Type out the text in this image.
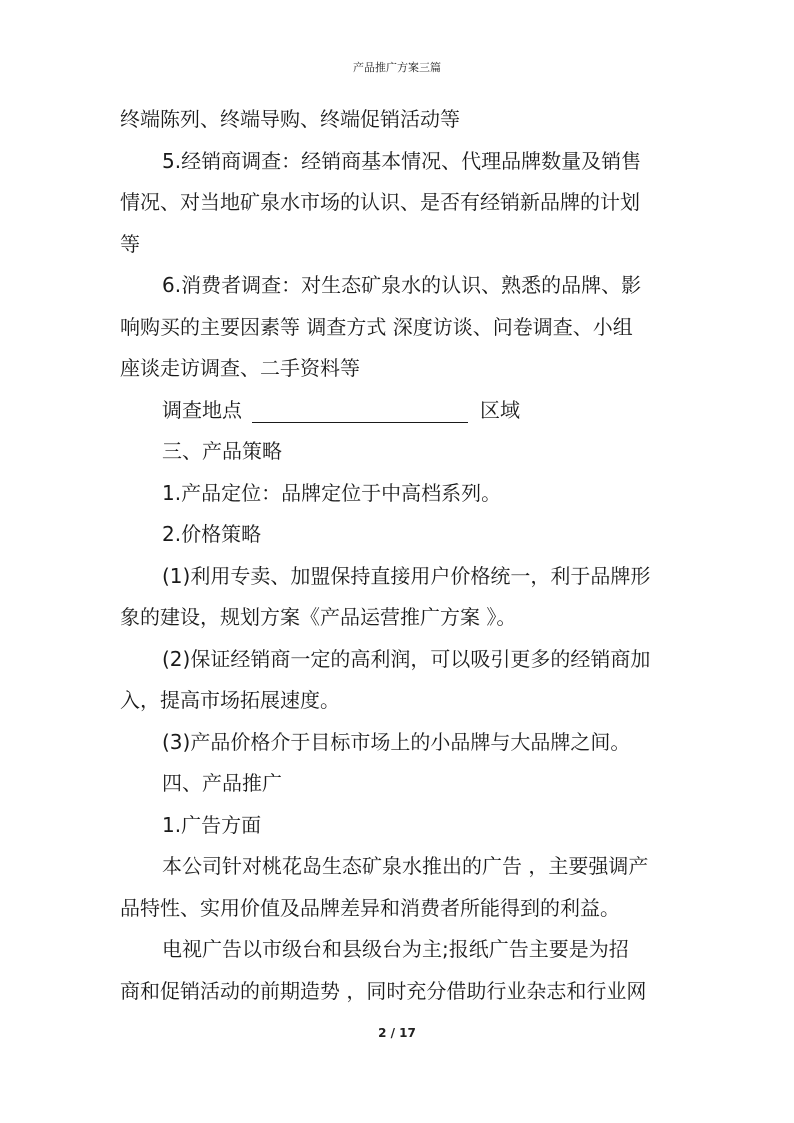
产品推广方案三篇
终端陈列、终端导购、终端促销活动等
5.经销商调查：经销商基本情况、代理品牌数量及销售
情况、对当地矿泉水市场的认识、是否有经销新品牌的计划
等
6.消费者调查：对生态矿泉水的认识、熟悉的品牌、影
响购买的主要因素等 调查方式 深度访谈、问卷调查、小组
座谈走访调查、二手资料等
调查地点	区域
三、产品策略
1.产品定位：品牌定位于中高档系列。
2.价格策略
(1)利用专卖、加盟保持直接用户价格统一，利于品牌形
象的建设，规划方案《产品运营推广方案 》。
(2)保证经销商一定的高利润，可以吸引更多的经销商加
入，提高市场拓展速度。
(3)产品价格介于目标市场上的小品牌与大品牌之间。
四、产品推广
1.广告方面
本公司针对桃花岛生态矿泉水推出的广告 ，主要强调产
品特性、实用价值及品牌差异和消费者所能得到的利益。
电视广告以市级台和县级台为主;报纸广告主要是为招
商和促销活动的前期造势 ，同时充分借助行业杂志和行业网
2 / 17
